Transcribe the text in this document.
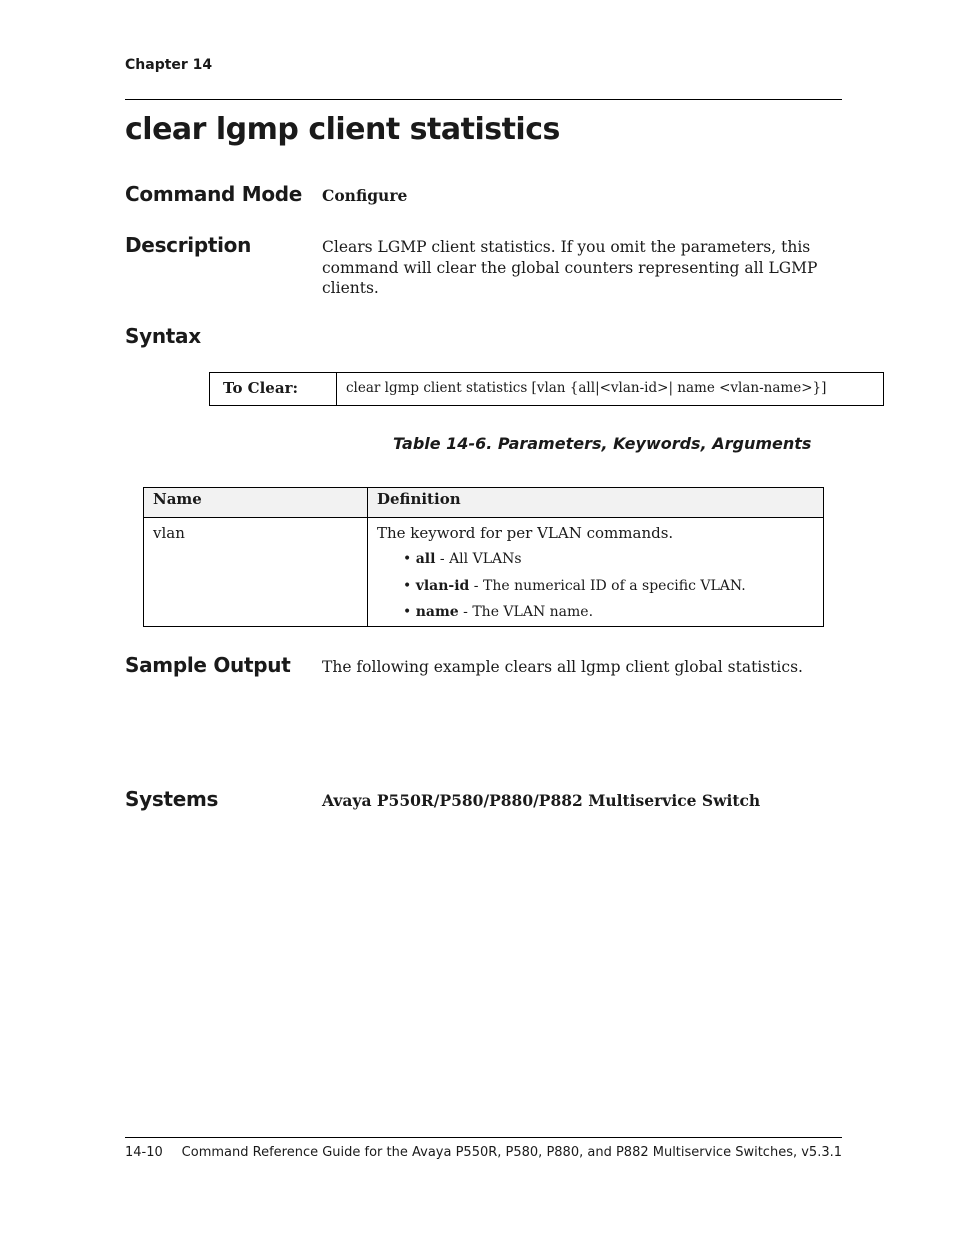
Chapter 14
clear lgmp client statistics
Command Mode Configure
Description	Clears LGMP client statistics. If you omit the parameters, this command will clear the global counters representing all LGMP clients.
Syntax
To Clear:	clear lgmp client statistics [vlan {all|<vlan-id>| name <vlan-name>}]
Table 14-6. Parameters, Keywords, Arguments
Name	Definition
vlan	The keyword for per VLAN commands.
• all - All VLANs
• vlan-id - The numerical ID of a specific VLAN.
• name - The VLAN name.
Sample Output The following example clears all lgmp client global statistics.
Systems	Avaya P550R/P580/P880/P882 Multiservice Switch
14-10 Command Reference Guide for the Avaya P550R, P580, P880, and P882 Multiservice Switches, v5.3.1
